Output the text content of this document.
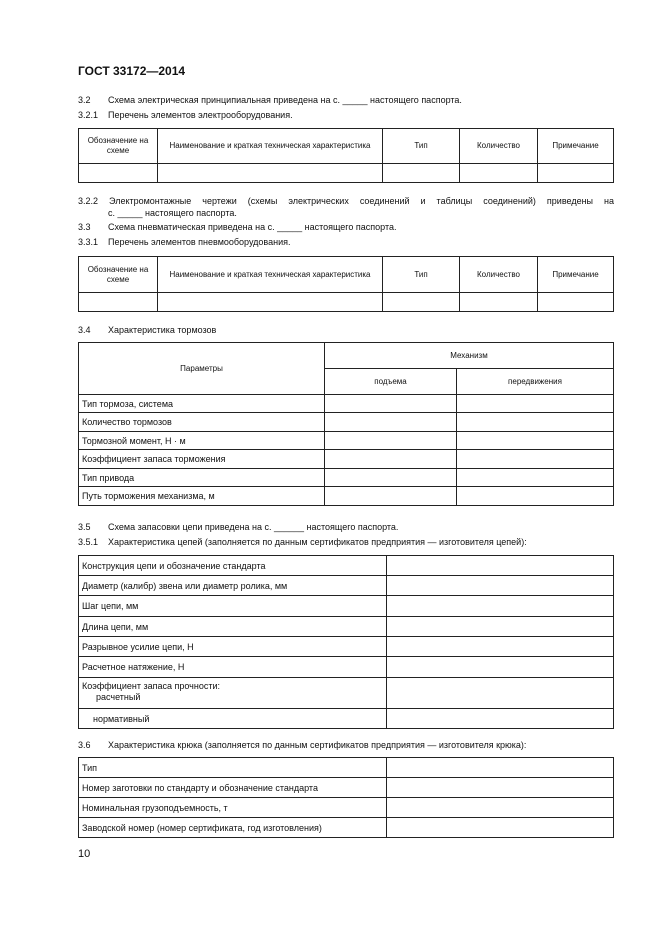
ГОСТ 33172—2014
3.2 Схема электрическая принципиальная приведена на с. _____ настоящего паспорта.
3.2.1 Перечень элементов электрооборудования.
Обозначение на схеме	Наименование и краткая техническая характеристика	Тип	Количество	Примечание

3.2.2 Электромонтажные чертежи (схемы электрических соединений и таблицы соединений) приведены на
с. _____ настоящего паспорта.
3.3 Схема пневматическая приведена на с. _____ настоящего паспорта.
3.3.1 Перечень элементов пневмооборудования.
Обозначение на схеме	Наименование и краткая техническая характеристика	Тип	Количество	Примечание

3.4 Характеристика тормозов
Параметры	Механизм	
	подъема	передвижения
Тип тормоза, система		
Количество тормозов		
Тормозной момент, Н · м		
Коэффициент запаса торможения		
Тип привода		
Путь торможения механизма, м		
3.5 Схема запасовки цепи приведена на с. ______ настоящего паспорта.
3.5.1 Характеристика цепей (заполняется по данным сертификатов предприятия — изготовителя цепей):
Конструкция цепи и обозначение стандарта	
Диаметр (калибр) звена или диаметр ролика, мм	
Шаг цепи, мм	
Длина цепи, мм	
Разрывное усилие цепи, Н	
Расчетное натяжение, Н	

Коэффициент запаса прочности:
расчетный	

нормативный	
3.6 Характеристика крюка (заполняется по данным сертификатов предприятия — изготовителя крюка):
Тип	
Номер заготовки по стандарту и обозначение стандарта	
Номинальная грузоподъемность, т	
Заводской номер (номер сертификата, год изготовления)	
10
